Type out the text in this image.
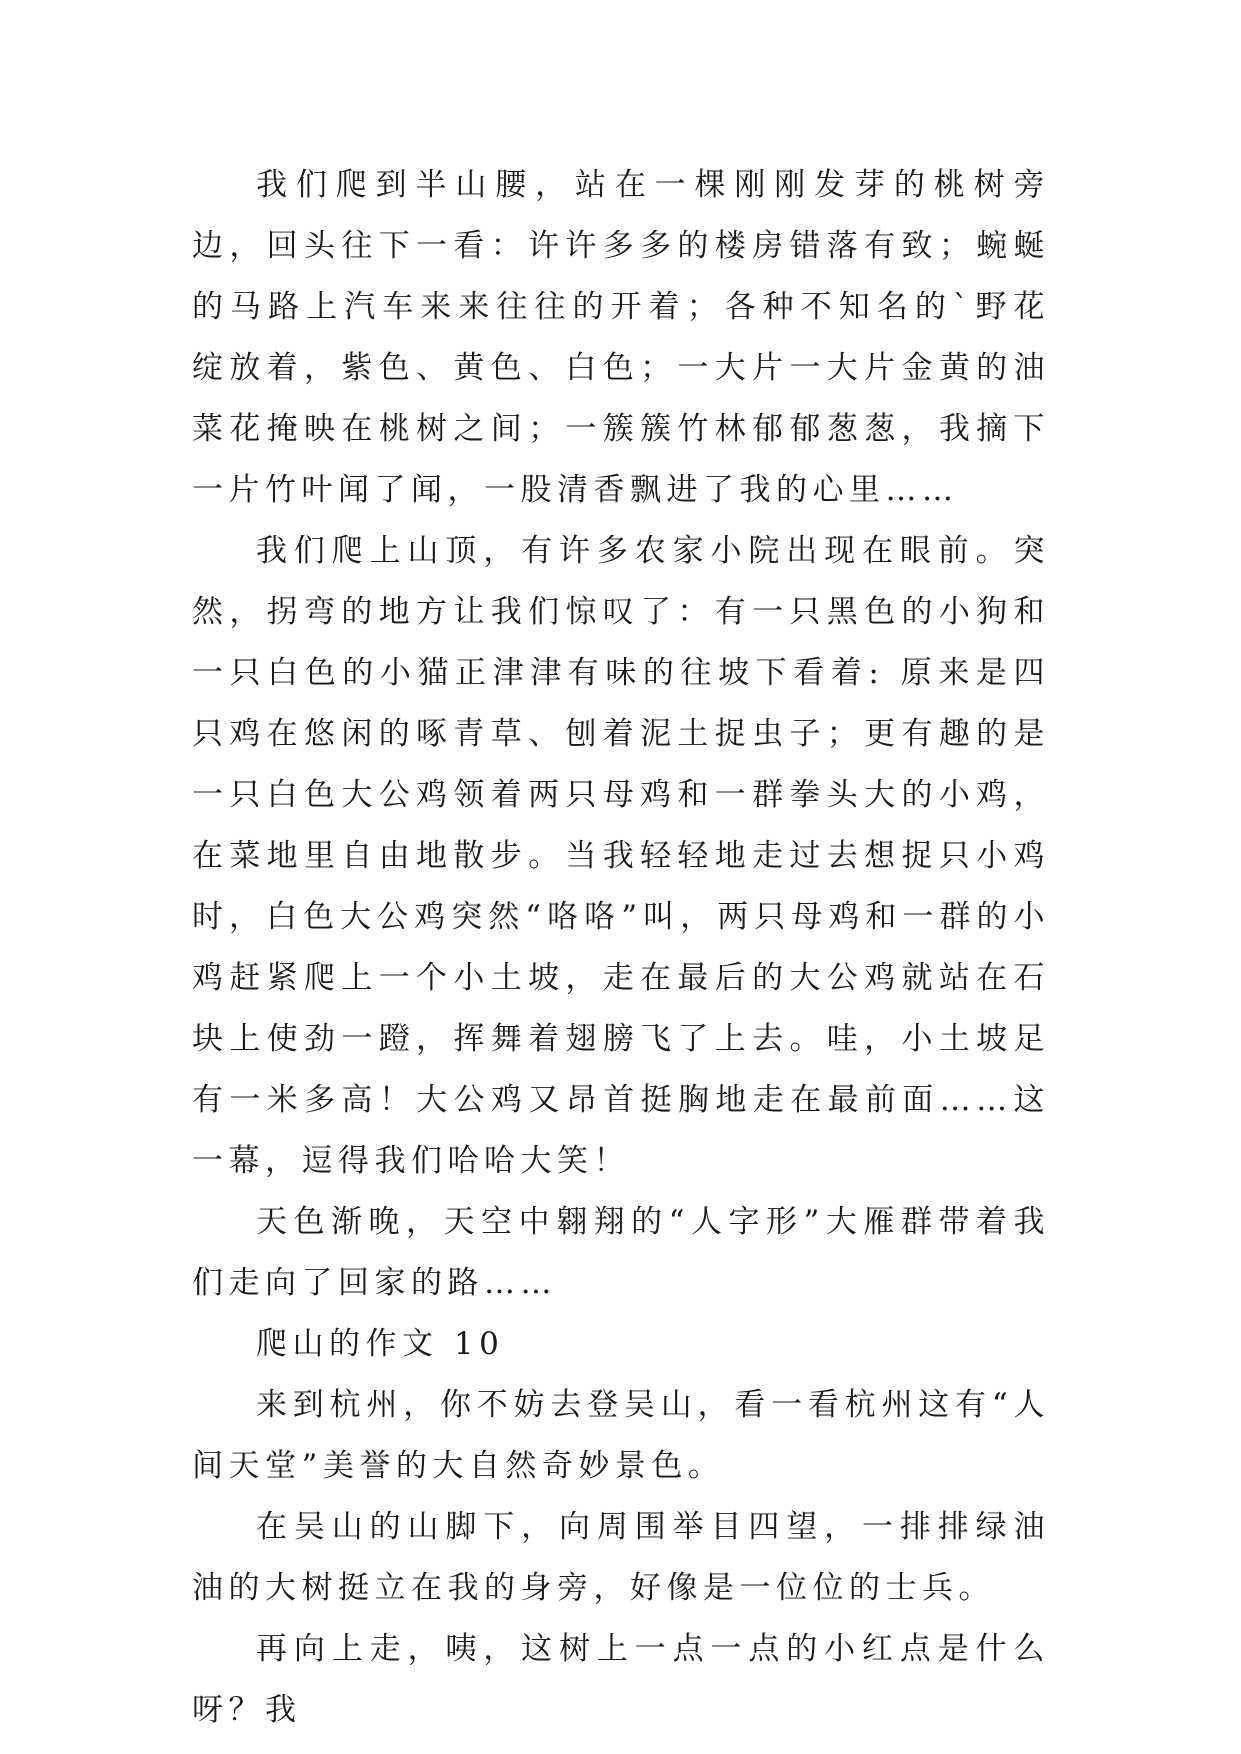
我们爬到半山腰，站在一棵刚刚发芽的桃树旁边，回头往下一看：许许多多的楼房错落有致；蜿蜒的马路上汽车来来往往的开着；各种不知名的`野花绽放着，紫色、黄色、白色；一大片一大片金黄的油菜花掩映在桃树之间；一簇簇竹林郁郁葱葱，我摘下一片竹叶闻了闻，一股清香飘进了我的心里……

我们爬上山顶，有许多农家小院出现在眼前。突然，拐弯的地方让我们惊叹了：有一只黑色的小狗和一只白色的小猫正津津有味的往坡下看着: 原来是四只鸡在悠闲的啄青草、刨着泥土捉虫子；更有趣的是一只白色大公鸡领着两只母鸡和一群拳头大的小鸡，在菜地里自由地散步。当我轻轻地走过去想捉只小鸡时，白色大公鸡突然“咯咯”叫，两只母鸡和一群的小鸡赶紧爬上一个小土坡，走在最后的大公鸡就站在石块上使劲一蹬，挥舞着翅膀飞了上去。哇，小土坡足有一米多高！大公鸡又昂首挺胸地走在最前面……这一幕，逗得我们哈哈大笑！

天色渐晚，天空中翱翔的“人字形”大雁群带着我们走向了回家的路……

爬山的作文 10

来到杭州，你不妨去登吴山，看一看杭州这有“人间天堂”美誉的大自然奇妙景色。

在吴山的山脚下，向周围举目四望，一排排绿油油的大树挺立在我的身旁，好像是一位位的士兵。

再向上走，咦，这树上一点一点的小红点是什么呀？我
